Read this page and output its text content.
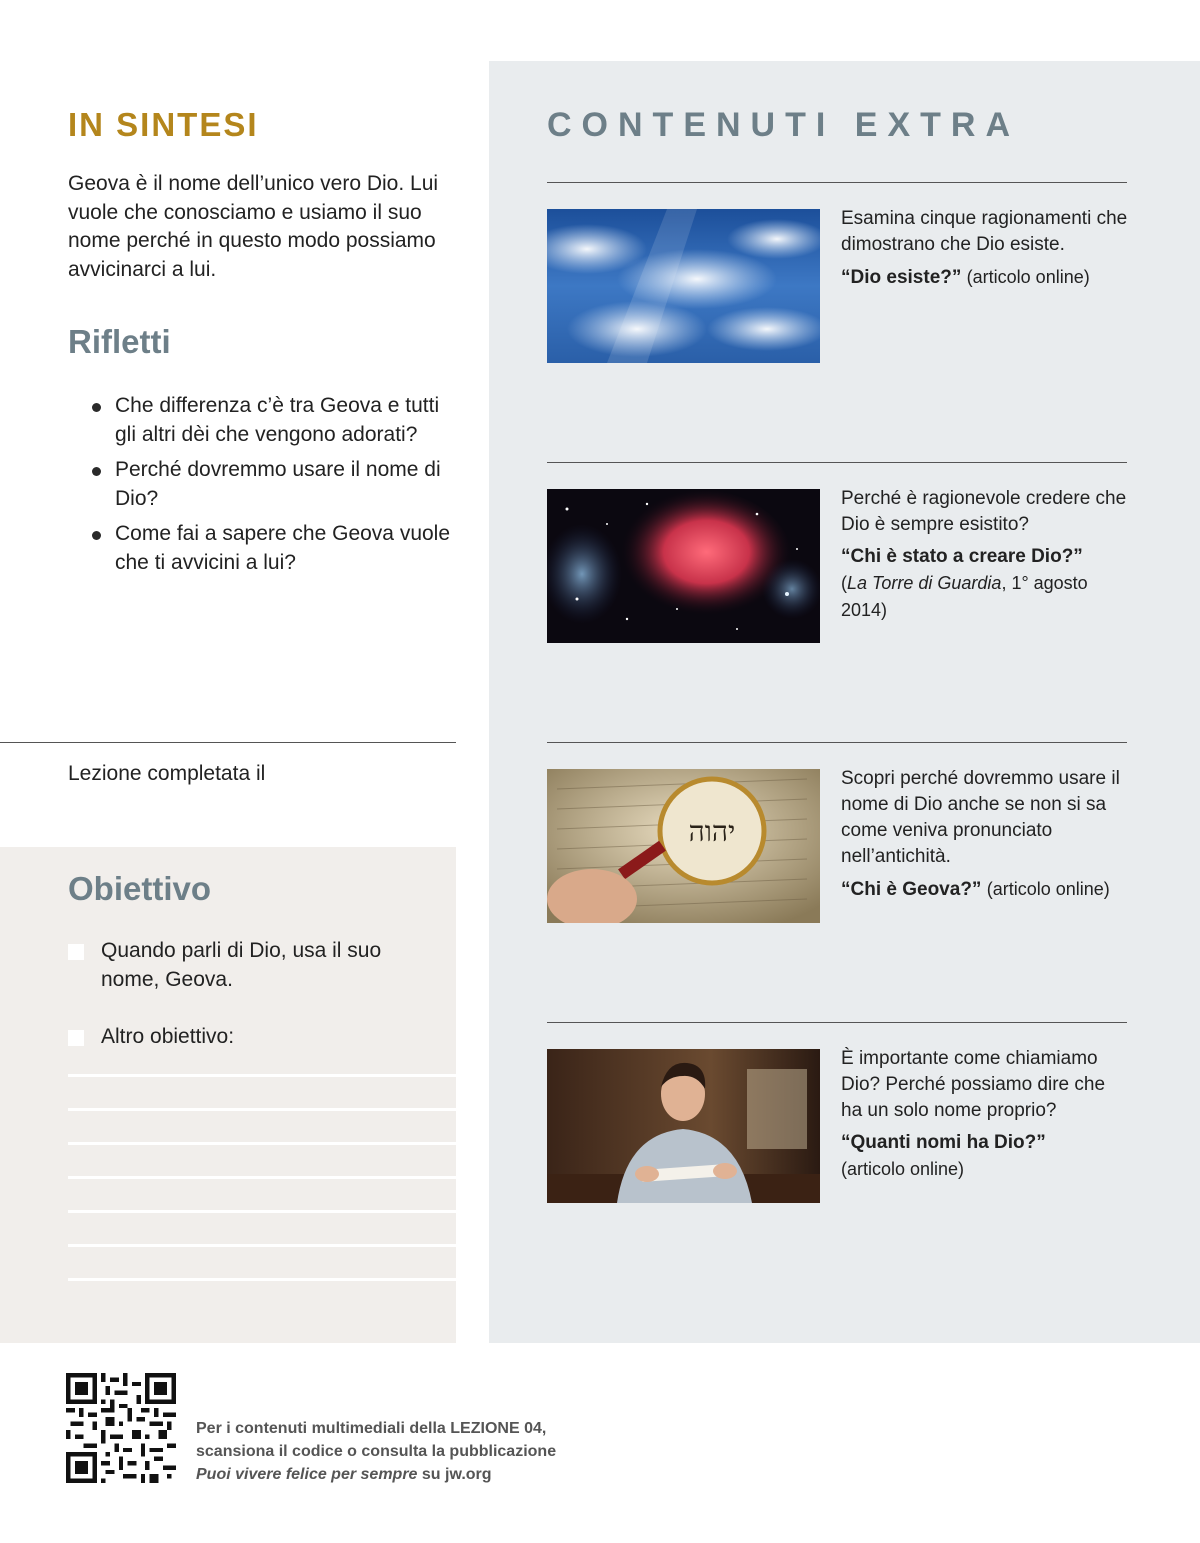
IN SINTESI

Geova è il nome dell’unico vero Dio. Lui vuole che conosciamo e usiamo il suo nome perché in questo modo possiamo avvicinarci a lui.

Rifletti
Che differenza c’è tra Geova e tutti gli altri dèi che vengono adorati?
Perché dovremmo usare il nome di Dio?
Come fai a sapere che Geova vuole che ti avvicini a lui?

Lezione completata il

Obiettivo
Quando parli di Dio, usa il suo nome, Geova.
Altro obiettivo:
CONTENUTI EXTRA

Esamina cinque ragionamenti che dimostrano che Dio esiste.

“Dio esiste?” (articolo online)

Perché è ragionevole credere che Dio è sempre esistito?

“Chi è stato a creare Dio?”
(La Torre di Guardia, 1° agosto 2014)

יהוה

Scopri perché dovremmo usare il nome di Dio anche se non si sa come veniva pronunciato nell’antichità.

“Chi è Geova?” (articolo online)

È importante come chiamiamo Dio? Perché possiamo dire che ha un solo nome proprio?

“Quanti nomi ha Dio?”
(articolo online)

Per i contenuti multimediali della LEZIONE 04,
scansiona il codice o consulta la pubblicazione
Puoi vivere felice per sempre su jw.org
